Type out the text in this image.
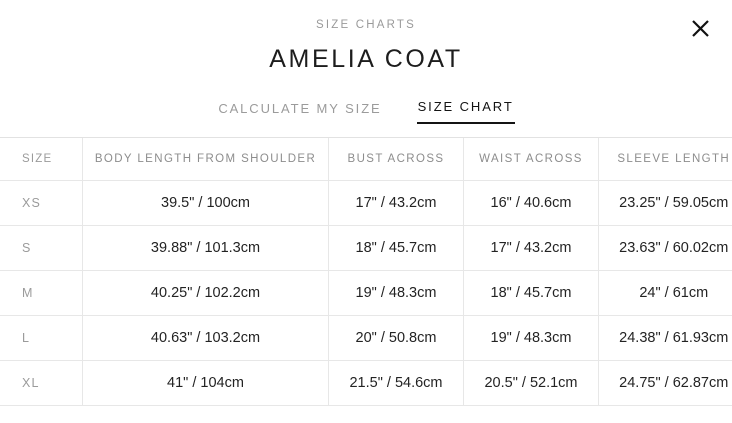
SIZE CHARTS
AMELIA COAT
CALCULATE MY SIZE	SIZE CHART
SIZE	BODY LENGTH FROM SHOULDER	BUST ACROSS	WAIST ACROSS	SLEEVE LENGTH
XS	39.5" / 100cm	17" / 43.2cm	16" / 40.6cm	23.25" / 59.05cm
S	39.88" / 101.3cm	18" / 45.7cm	17" / 43.2cm	23.63" / 60.02cm
M	40.25" / 102.2cm	19" / 48.3cm	18" / 45.7cm	24" / 61cm
L	40.63" / 103.2cm	20" / 50.8cm	19" / 48.3cm	24.38" / 61.93cm
XL	41" / 104cm	21.5" / 54.6cm	20.5" / 52.1cm	24.75" / 62.87cm
